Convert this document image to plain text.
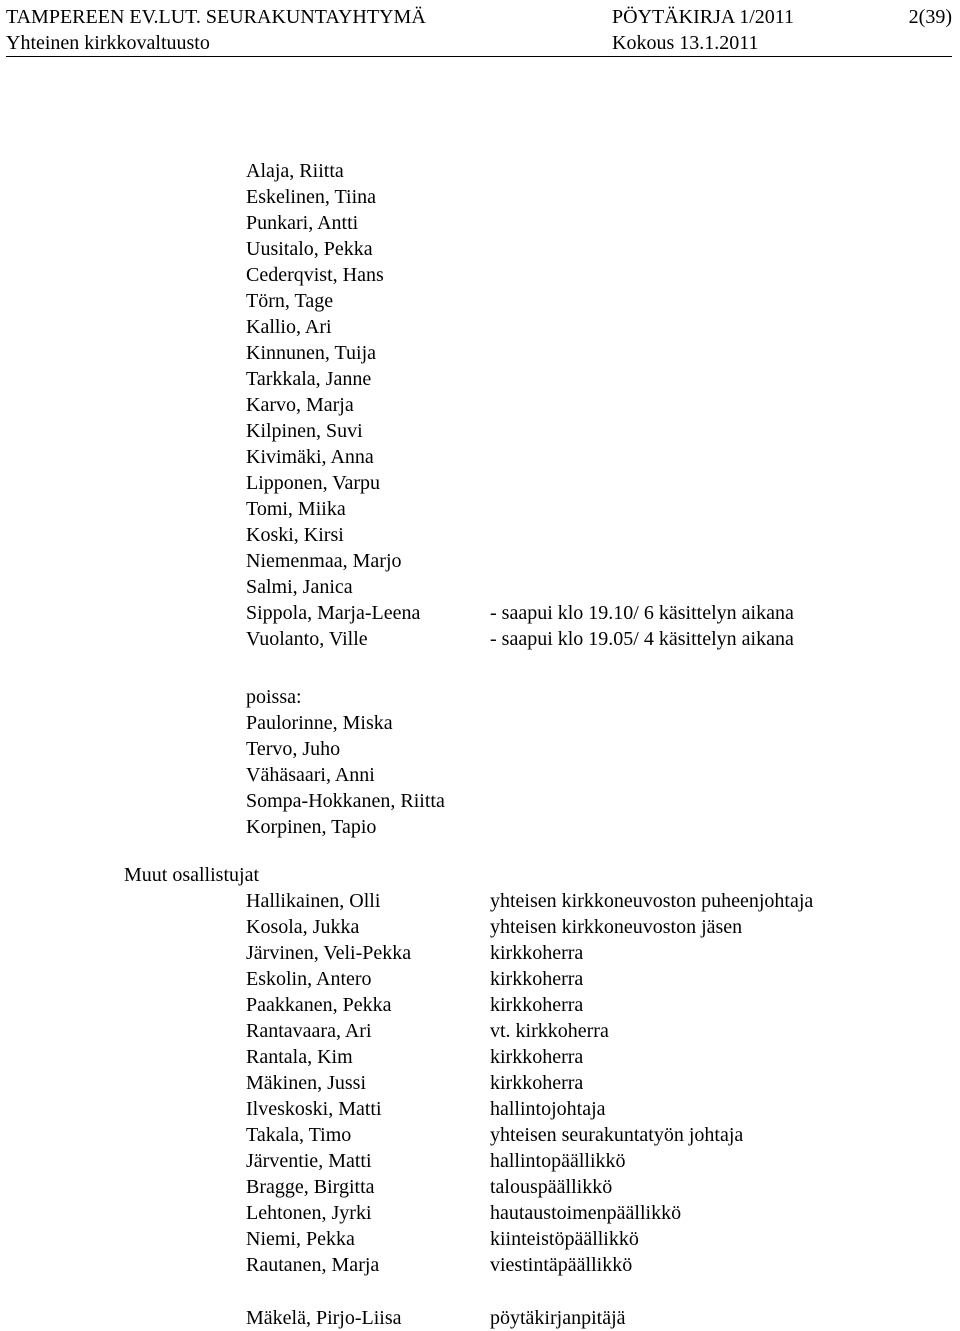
TAMPEREEN EV.LUT. SEURAKUNTAYHTYMÄ	PÖYTÄKIRJA 1/2011	2(39)
Yhteinen kirkkovaltuusto	Kokous 13.1.2011
Alaja, Riitta
Eskelinen, Tiina
Punkari, Antti
Uusitalo, Pekka
Cederqvist, Hans
Törn, Tage
Kallio, Ari
Kinnunen, Tuija
Tarkkala, Janne
Karvo, Marja
Kilpinen, Suvi
Kivimäki, Anna
Lipponen, Varpu
Tomi, Miika
Koski, Kirsi
Niemenmaa, Marjo
Salmi, Janica
Sippola, Marja-Leena	- saapui klo 19.10/ 6 käsittelyn aikana
Vuolanto, Ville	- saapui klo 19.05/ 4 käsittelyn aikana
poissa:
Paulorinne, Miska
Tervo, Juho
Vähäsaari, Anni
Sompa-Hokkanen, Riitta
Korpinen, Tapio
Muut osallistujat
Hallikainen, Olli	yhteisen kirkkoneuvoston puheenjohtaja
Kosola, Jukka	yhteisen kirkkoneuvoston jäsen
Järvinen, Veli-Pekka	kirkkoherra
Eskolin, Antero	kirkkoherra
Paakkanen, Pekka	kirkkoherra
Rantavaara, Ari	vt. kirkkoherra
Rantala, Kim	kirkkoherra
Mäkinen, Jussi	kirkkoherra
Ilveskoski, Matti	hallintojohtaja
Takala, Timo	yhteisen seurakuntatyön johtaja
Järventie, Matti	hallintopäällikkö
Bragge, Birgitta	talouspäällikkö
Lehtonen, Jyrki	hautaustoimenpäällikkö
Niemi, Pekka	kiinteistöpäällikkö
Rautanen, Marja	viestintäpäällikkö
Mäkelä, Pirjo-Liisa	pöytäkirjanpitäjä
